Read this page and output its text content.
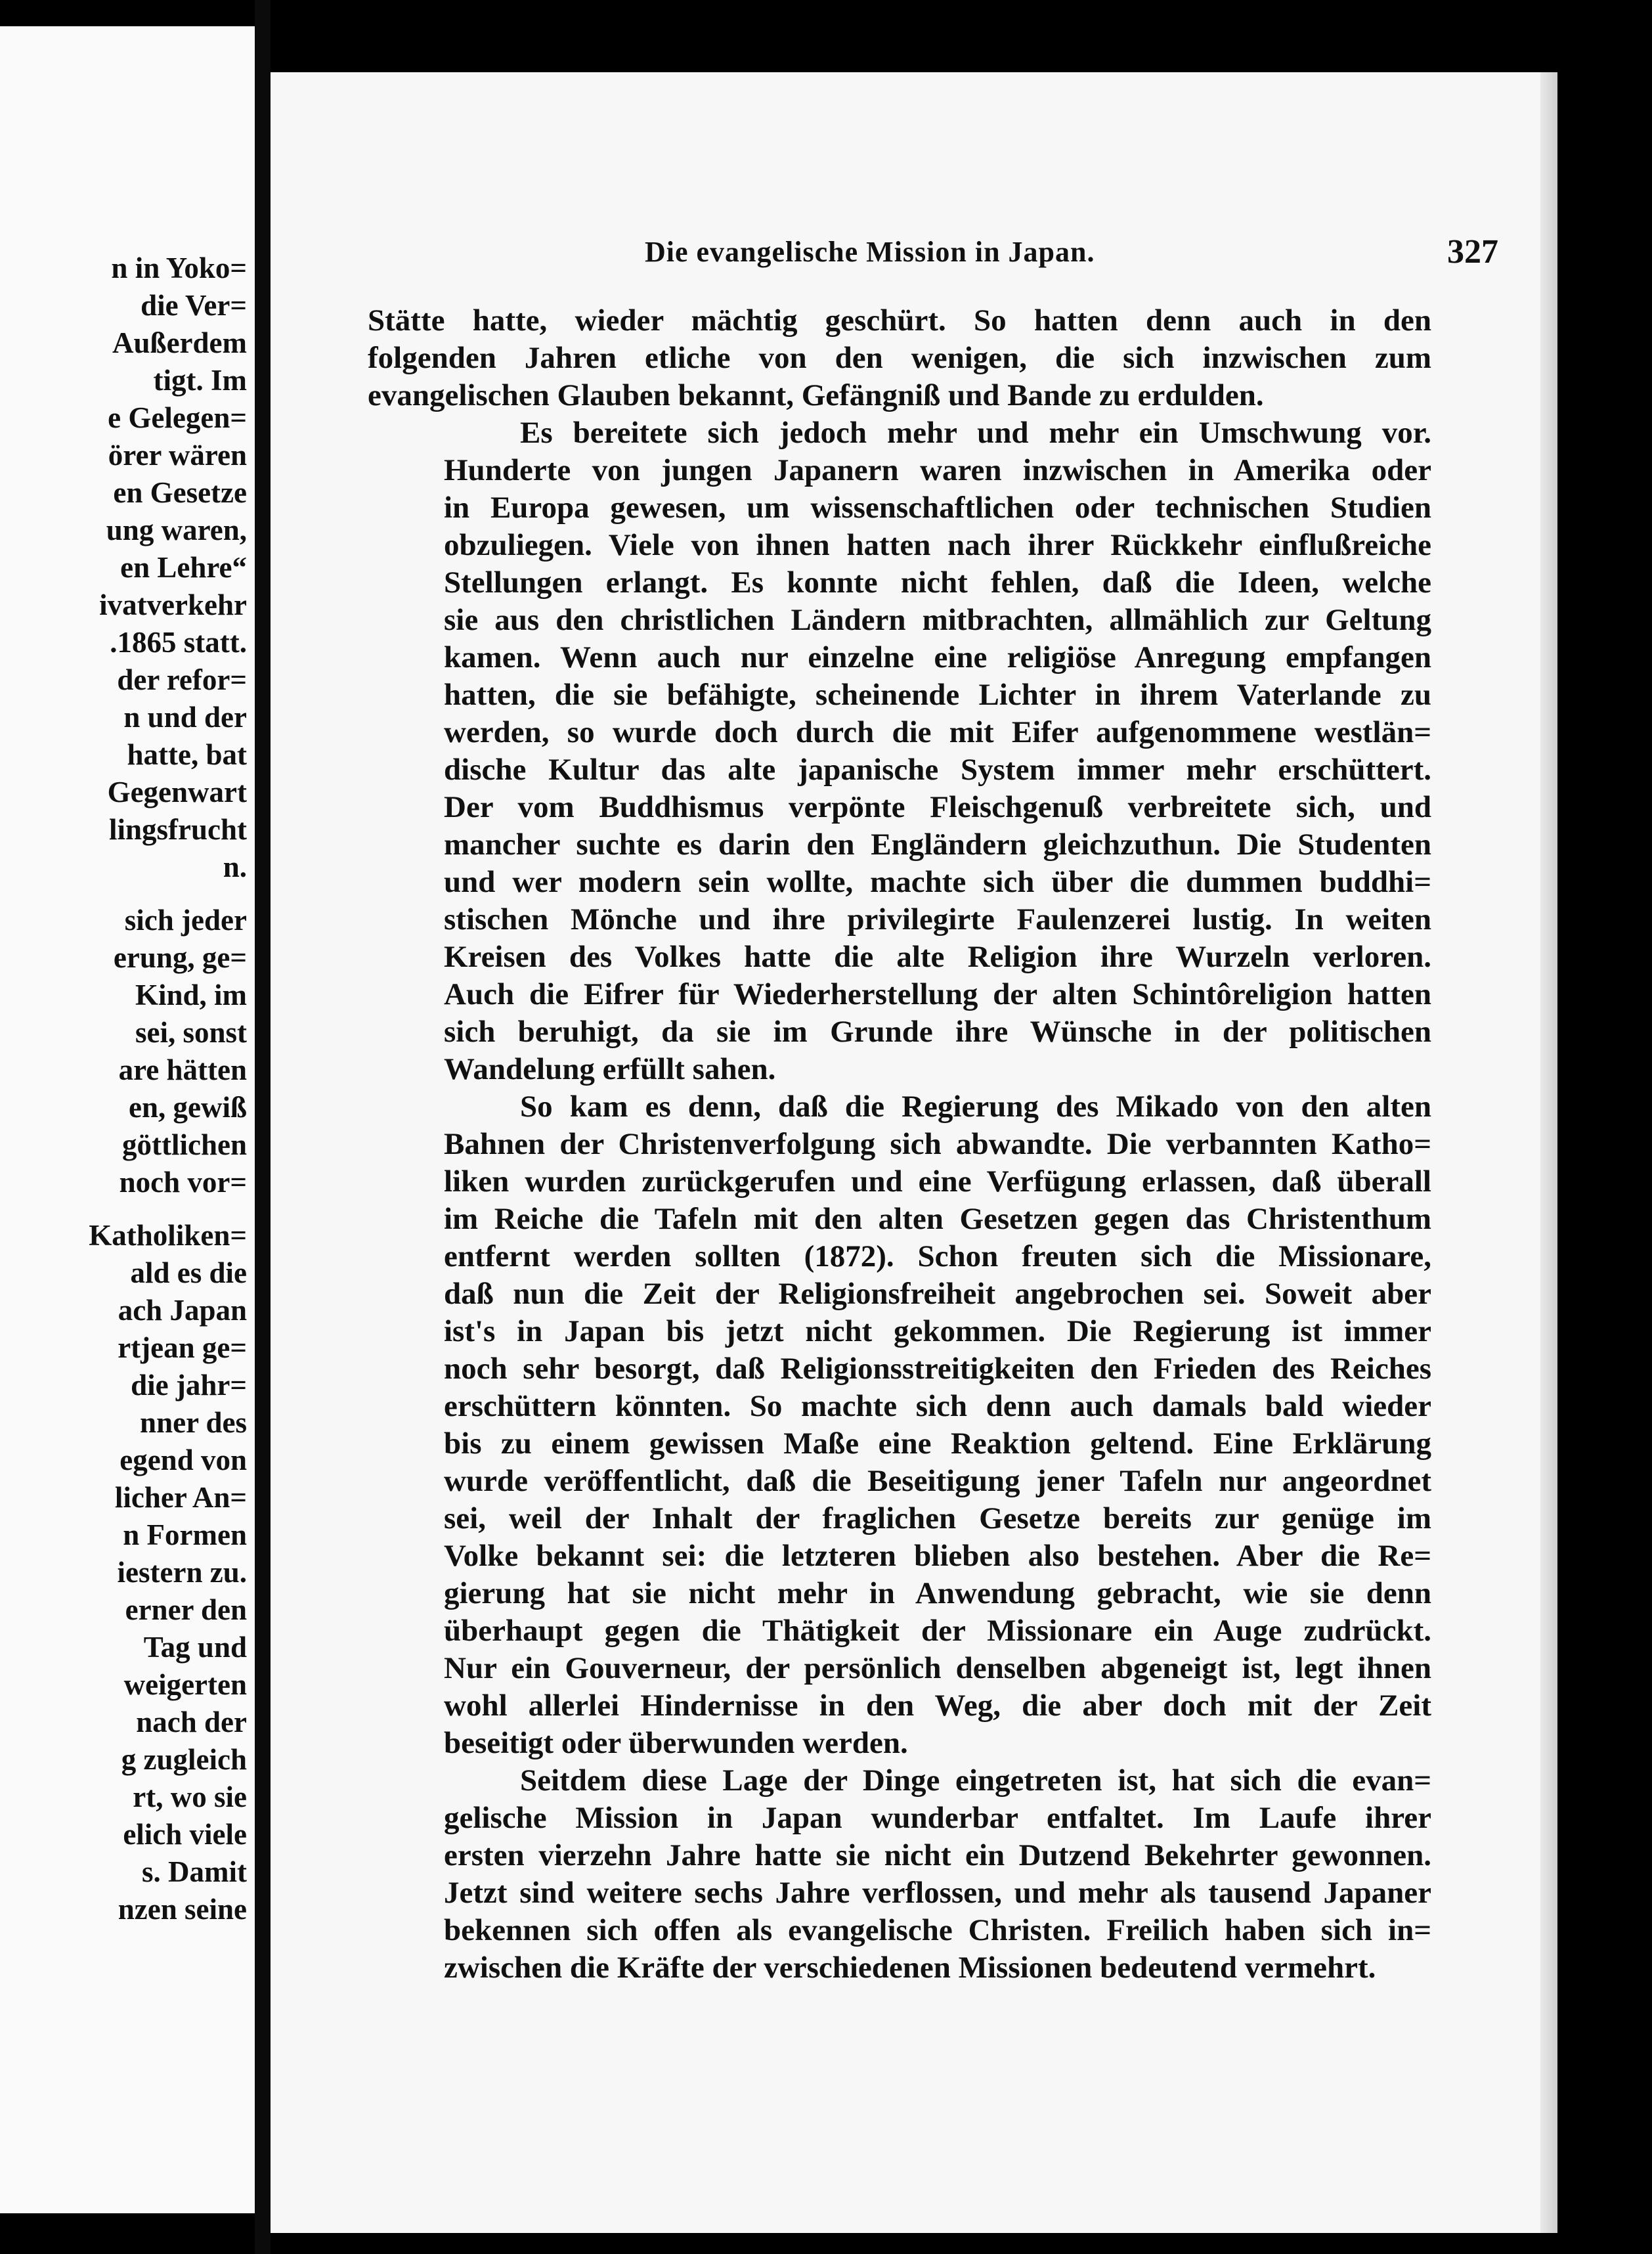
n in Yoko=
die Ver=
Außerdem
tigt. Im
e Gelegen=
örer wären
en Gesetze
ung waren,
en Lehre“
ivatverkehr
.1865 statt.
der refor=
n und der
hatte, bat
Gegenwart
lingsfrucht
n.
sich jeder
erung, ge=
Kind, im
sei, sonst
are hätten
en, gewiß
göttlichen
noch vor=
Katholiken=
ald es die
ach Japan
rtjean ge=
die jahr=
nner des
egend von
licher An=
n Formen
iestern zu.
erner den
Tag und
weigerten
nach der
g zugleich
rt, wo sie
elich viele
s. Damit
nzen seine
Die evangelische Mission in Japan.	327
Stätte hatte, wieder mächtig geschürt. So hatten denn auch in den
folgenden Jahren etliche von den wenigen, die sich inzwischen zum
evangelischen Glauben bekannt, Gefängniß und Bande zu erdulden.
Es bereitete sich jedoch mehr und mehr ein Umschwung vor.
Hunderte von jungen Japanern waren inzwischen in Amerika oder
in Europa gewesen, um wissenschaftlichen oder technischen Studien
obzuliegen. Viele von ihnen hatten nach ihrer Rückkehr einflußreiche
Stellungen erlangt. Es konnte nicht fehlen, daß die Ideen, welche
sie aus den christlichen Ländern mitbrachten, allmählich zur Geltung
kamen. Wenn auch nur einzelne eine religiöse Anregung empfangen
hatten, die sie befähigte, scheinende Lichter in ihrem Vaterlande zu
werden, so wurde doch durch die mit Eifer aufgenommene westlän=
dische Kultur das alte japanische System immer mehr erschüttert.
Der vom Buddhismus verpönte Fleischgenuß verbreitete sich, und
mancher suchte es darin den Engländern gleichzuthun. Die Studenten
und wer modern sein wollte, machte sich über die dummen buddhi=
stischen Mönche und ihre privilegirte Faulenzerei lustig. In weiten
Kreisen des Volkes hatte die alte Religion ihre Wurzeln verloren.
Auch die Eifrer für Wiederherstellung der alten Schintôreligion hatten
sich beruhigt, da sie im Grunde ihre Wünsche in der politischen
Wandelung erfüllt sahen.
So kam es denn, daß die Regierung des Mikado von den alten
Bahnen der Christenverfolgung sich abwandte. Die verbannten Katho=
liken wurden zurückgerufen und eine Verfügung erlassen, daß überall
im Reiche die Tafeln mit den alten Gesetzen gegen das Christenthum
entfernt werden sollten (1872). Schon freuten sich die Missionare,
daß nun die Zeit der Religionsfreiheit angebrochen sei. Soweit aber
ist's in Japan bis jetzt nicht gekommen. Die Regierung ist immer
noch sehr besorgt, daß Religionsstreitigkeiten den Frieden des Reiches
erschüttern könnten. So machte sich denn auch damals bald wieder
bis zu einem gewissen Maße eine Reaktion geltend. Eine Erklärung
wurde veröffentlicht, daß die Beseitigung jener Tafeln nur angeordnet
sei, weil der Inhalt der fraglichen Gesetze bereits zur genüge im
Volke bekannt sei: die letzteren blieben also bestehen. Aber die Re=
gierung hat sie nicht mehr in Anwendung gebracht, wie sie denn
überhaupt gegen die Thätigkeit der Missionare ein Auge zudrückt.
Nur ein Gouverneur, der persönlich denselben abgeneigt ist, legt ihnen
wohl allerlei Hindernisse in den Weg, die aber doch mit der Zeit
beseitigt oder überwunden werden.
Seitdem diese Lage der Dinge eingetreten ist, hat sich die evan=
gelische Mission in Japan wunderbar entfaltet. Im Laufe ihrer
ersten vierzehn Jahre hatte sie nicht ein Dutzend Bekehrter gewonnen.
Jetzt sind weitere sechs Jahre verflossen, und mehr als tausend Japaner
bekennen sich offen als evangelische Christen. Freilich haben sich in=
zwischen die Kräfte der verschiedenen Missionen bedeutend vermehrt.
